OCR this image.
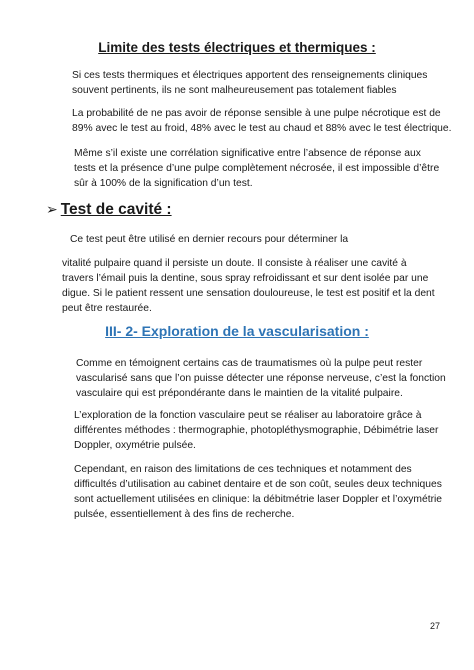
Limite des tests électriques et thermiques :

Si ces tests thermiques et électriques apportent des renseignements cliniques
souvent pertinents, ils ne sont malheureusement pas totalement fiables

La probabilité de ne pas avoir de réponse sensible à une pulpe nécrotique est de
89% avec le test au froid, 48% avec le test au chaud et 88% avec le test électrique.

Même s’il existe une corrélation significative entre l’absence de réponse aux
tests et la présence d’une pulpe complètement nécrosée, il est impossible d’être
sûr à 100% de la signification d’un test.

➢ Test de cavité :

Ce test peut être utilisé en dernier recours pour déterminer la

vitalité pulpaire quand il persiste un doute. Il consiste à réaliser une cavité à
travers l’émail puis la dentine, sous spray refroidissant et sur dent isolée par une
digue. Si le patient ressent une sensation douloureuse, le test est positif et la dent
peut être restaurée.

III- 2- Exploration de la vascularisation :

Comme en témoignent certains cas de traumatismes où la pulpe peut rester
vascularisé sans que l’on puisse détecter une réponse nerveuse, c’est la fonction
vasculaire qui est prépondérante dans le maintien de la vitalité pulpaire.

L’exploration de la fonction vasculaire peut se réaliser au laboratoire grâce à
différentes méthodes : thermographie, photopléthysmographie, Débimétrie laser
Doppler, oxymétrie pulsée.

Cependant, en raison des limitations de ces techniques et notamment des
difficultés d’utilisation au cabinet dentaire et de son coût, seules deux techniques
sont actuellement utilisées en clinique: la débitmétrie laser Doppler et l’oxymétrie
pulsée, essentiellement à des fins de recherche.

27
